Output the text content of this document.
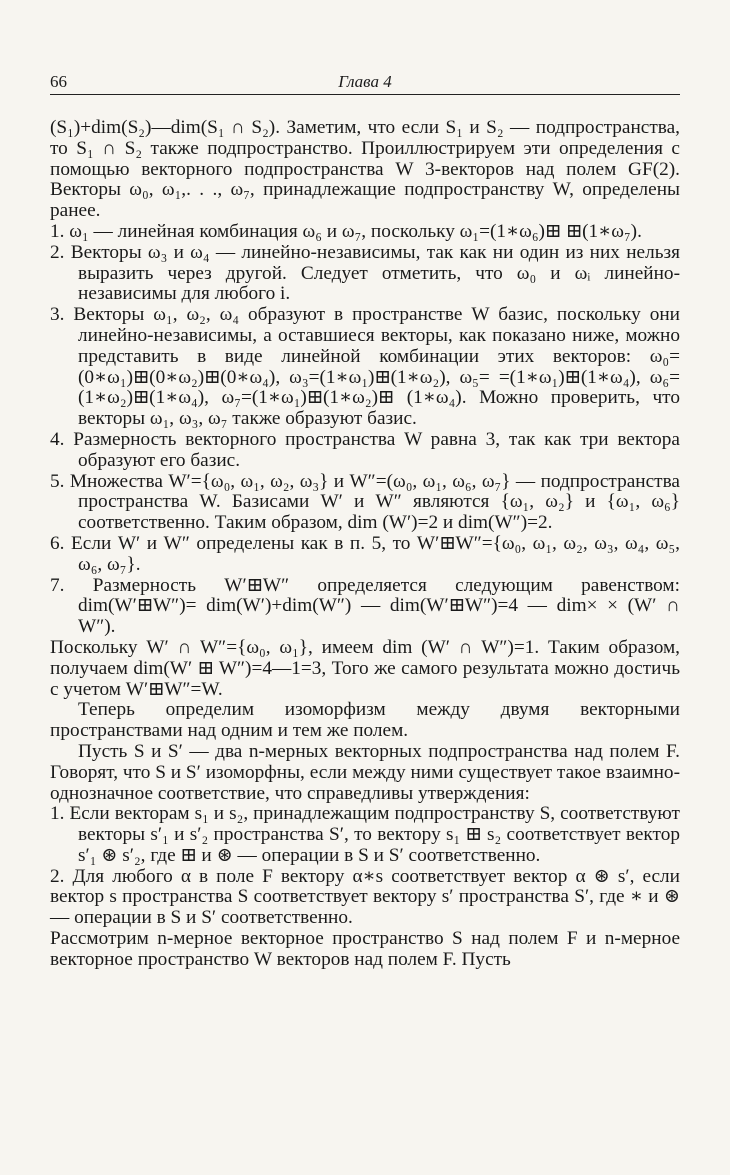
66	Глава 4

(S₁)+dim(S₂)—dim(S₁ ∩ S₂). Заметим, что если S₁ и S₂ — подпространства, то S₁ ∩ S₂ также подпространство. Проиллюстрируем эти определения с помощью векторного подпространства W 3-векторов над полем GF(2). Векторы ω₀, ω₁,. . ., ω₇, принадлежащие подпространству W, определены ранее.

1. ω₁ — линейная комбинация ω₆ и ω₇, поскольку ω₁=(1∗ω₆)⊞ ⊞(1∗ω₇).

2. Векторы ω₃ и ω₄ — линейно-независимы, так как ни один из них нельзя выразить через другой. Следует отметить, что ω₀ и ωᵢ линейно-независимы для любого i.

3. Векторы ω₁, ω₂, ω₄ образуют в пространстве W базис, поскольку они линейно-независимы, а оставшиеся векторы, как показано ниже, можно представить в виде линейной комбинации этих векторов: ω₀=(0∗ω₁)⊞(0∗ω₂)⊞(0∗ω₄), ω₃=(1∗ω₁)⊞(1∗ω₂), ω₅= =(1∗ω₁)⊞(1∗ω₄), ω₆=(1∗ω₂)⊞(1∗ω₄), ω₇=(1∗ω₁)⊞(1∗ω₂)⊞ (1∗ω₄). Можно проверить, что векторы ω₁, ω₃, ω₇ также образуют базис.

4. Размерность векторного пространства W равна 3, так как три вектора образуют его базис.

5. Множества W′={ω₀, ω₁, ω₂, ω₃} и W″=(ω₀, ω₁, ω₆, ω₇} — подпространства пространства W. Базисами W′ и W″ являются {ω₁, ω₂} и {ω₁, ω₆} соответственно. Таким образом, dim (W′)=2 и dim(W″)=2.

6. Если W′ и W″ определены как в п. 5, то W′⊞W″={ω₀, ω₁, ω₂, ω₃, ω₄, ω₅, ω₆, ω₇}.

7. Размерность W′⊞W″ определяется следующим равенством: dim(W′⊞W″)= dim(W′)+dim(W″) — dim(W′⊞W″)=4 — dim× × (W′ ∩ W″).

Поскольку W′ ∩ W″={ω₀, ω₁}, имеем dim (W′ ∩ W″)=1. Таким образом, получаем dim(W′ ⊞ W″)=4—1=3, Того же самого результата можно достичь с учетом W′⊞W″=W.

Теперь определим изоморфизм между двумя векторными пространствами над одним и тем же полем.

Пусть S и S′ — два n-мерных векторных подпространства над полем F. Говорят, что S и S′ изоморфны, если между ними существует такое взаимно-однозначное соответствие, что справедливы утверждения:

1. Если векторам s₁ и s₂, принадлежащим подпространству S, соответствуют векторы s′₁ и s′₂ пространства S′, то вектору s₁ ⊞ s₂ соответствует вектор s′₁ ⊛ s′₂, где ⊞ и ⊛ — операции в S и S′ соответственно.

2. Для любого α в поле F вектору α∗s соответствует вектор α ⊛ s′, если вектор s пространства S соответствует вектору s′ пространства S′, где ∗ и ⊛ — операции в S и S′ соответственно.

Рассмотрим n-мерное векторное пространство S над полем F и n-мерное векторное пространство W векторов над полем F. Пусть
